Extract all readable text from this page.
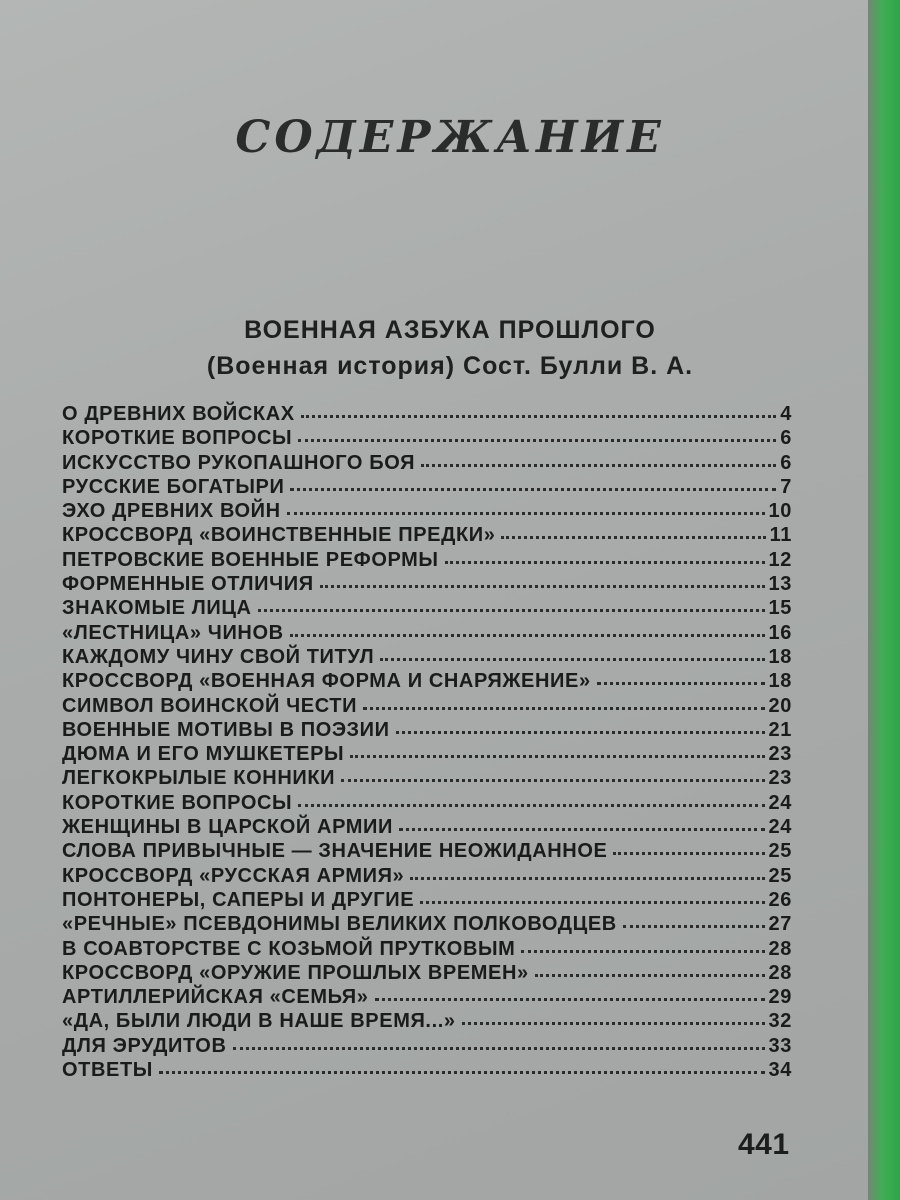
СОДЕРЖАНИЕ
ВОЕННАЯ АЗБУКА ПРОШЛОГО
(Военная история) Сост. Булли В. А.
О ДРЕВНИХ ВОЙСКАХ	4
КОРОТКИЕ ВОПРОСЫ	6
ИСКУССТВО РУКОПАШНОГО БОЯ	6
РУССКИЕ БОГАТЫРИ	7
ЭХО ДРЕВНИХ ВОЙН	10
КРОССВОРД «ВОИНСТВЕННЫЕ ПРЕДКИ»	11
ПЕТРОВСКИЕ ВОЕННЫЕ РЕФОРМЫ	12
ФОРМЕННЫЕ ОТЛИЧИЯ	13
ЗНАКОМЫЕ ЛИЦА	15
«ЛЕСТНИЦА» ЧИНОВ	16
КАЖДОМУ ЧИНУ СВОЙ ТИТУЛ	18
КРОССВОРД «ВОЕННАЯ ФОРМА И СНАРЯЖЕНИЕ»	18
СИМВОЛ ВОИНСКОЙ ЧЕСТИ	20
ВОЕННЫЕ МОТИВЫ В ПОЭЗИИ	21
ДЮМА И ЕГО МУШКЕТЕРЫ	23
ЛЕГКОКРЫЛЫЕ КОННИКИ	23
КОРОТКИЕ ВОПРОСЫ	24
ЖЕНЩИНЫ В ЦАРСКОЙ АРМИИ	24
СЛОВА ПРИВЫЧНЫЕ — ЗНАЧЕНИЕ НЕОЖИДАННОЕ	25
КРОССВОРД «РУССКАЯ АРМИЯ»	25
ПОНТОНЕРЫ, САПЕРЫ И ДРУГИЕ	26
«РЕЧНЫЕ» ПСЕВДОНИМЫ ВЕЛИКИХ ПОЛКОВОДЦЕВ	27
В СОАВТОРСТВЕ С КОЗЬМОЙ ПРУТКОВЫМ	28
КРОССВОРД «ОРУЖИЕ ПРОШЛЫХ ВРЕМЕН»	28
АРТИЛЛЕРИЙСКАЯ «СЕМЬЯ»	29
«ДА, БЫЛИ ЛЮДИ В НАШЕ ВРЕМЯ...»	32
ДЛЯ ЭРУДИТОВ	33
ОТВЕТЫ	34
441
